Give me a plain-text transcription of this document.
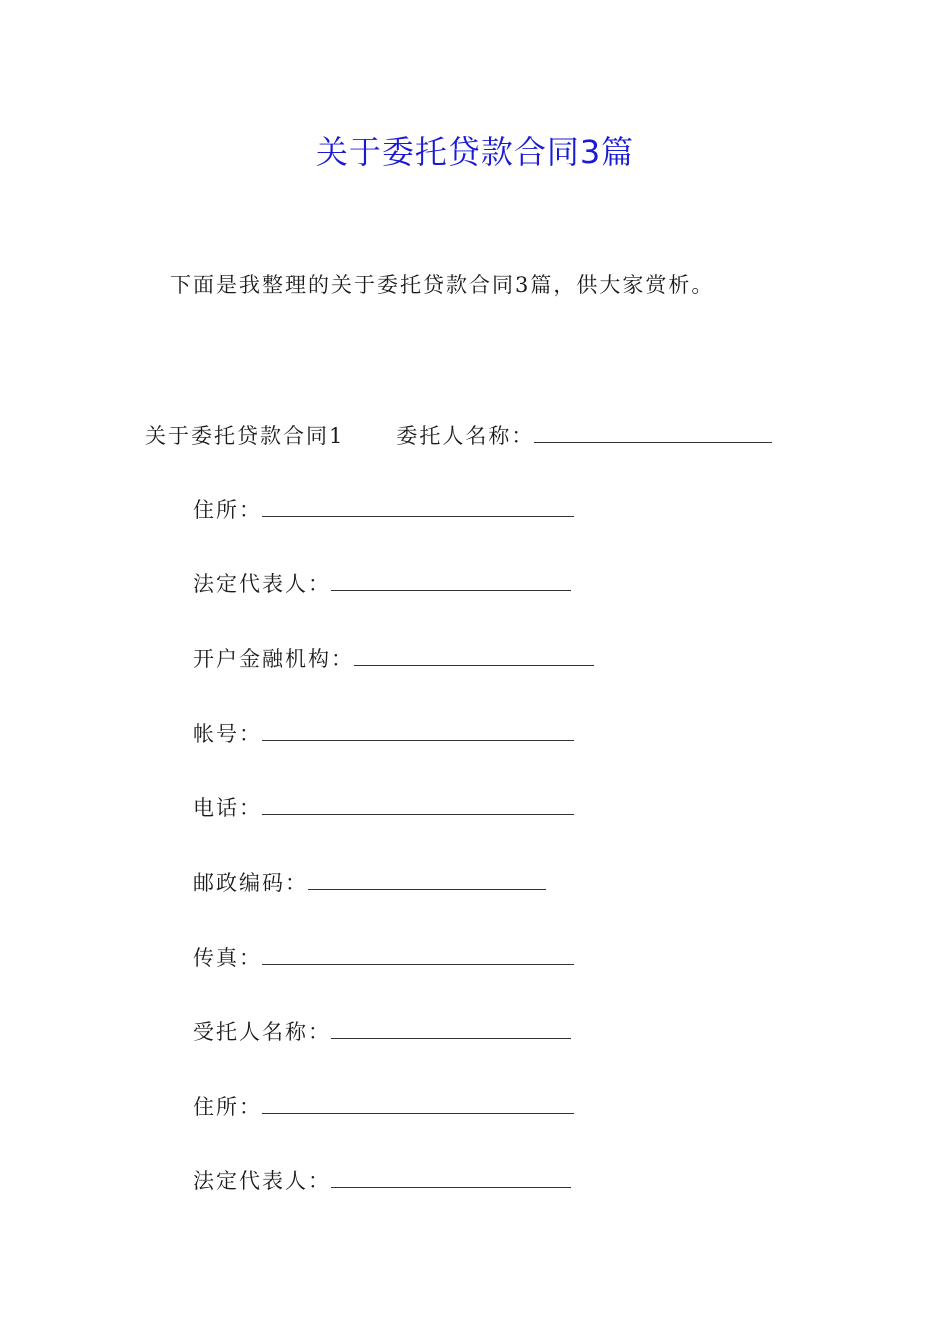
关于委托贷款合同3篇

下面是我整理的关于委托贷款合同3篇，供大家赏析。

关于委托贷款合同1 委托人名称：
住所：
法定代表人：
开户金融机构：
帐号：
电话：
邮政编码：
传真：
受托人名称：
住所：
法定代表人：
